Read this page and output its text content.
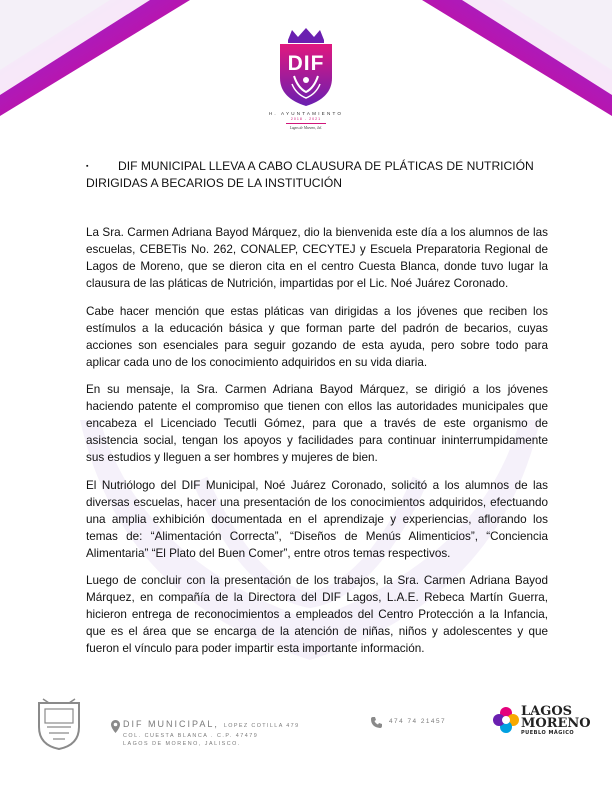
DIF
H. AYUNTAMIENTO
2018 - 2021
Lagos de Moreno, Jal.
▪	DIF MUNICIPAL LLEVA A CABO CLAUSURA DE PLÁTICAS DE NUTRICIÓN DIRIGIDAS A BECARIOS DE LA INSTITUCIÓN

La Sra. Carmen Adriana Bayod Márquez, dio la bienvenida este día a los alumnos de las escuelas, CEBETis No. 262, CONALEP, CECYTEJ y Escuela Preparatoria Regional de Lagos de Moreno, que se dieron cita en el centro Cuesta Blanca, donde tuvo lugar la clausura de las pláticas de Nutrición, impartidas por el Lic. Noé Juárez Coronado.

Cabe hacer mención que estas pláticas van dirigidas a los jóvenes que reciben los estímulos a la educación básica y que forman parte del padrón de becarios, cuyas acciones son esenciales para seguir gozando de esta ayuda, pero sobre todo para aplicar cada uno de los conocimiento adquiridos en su vida diaria.

En su mensaje, la Sra. Carmen Adriana Bayod Márquez, se dirigió a los jóvenes haciendo patente el compromiso que tienen con ellos las autoridades municipales que encabeza el Licenciado Tecutli Gómez, para que a través de este organismo de asistencia social, tengan los apoyos y facilidades para continuar ininterrumpidamente sus estudios y lleguen a ser hombres y mujeres de bien.

El Nutriólogo del DIF Municipal, Noé Juárez Coronado, solicitó a los alumnos de las diversas escuelas, hacer una presentación de los conocimientos adquiridos, efectuando una amplia exhibición documentada en el aprendizaje y experiencias, aflorando los temas de: “Alimentación Correcta”, “Diseños de Menús Alimenticios”, “Conciencia Alimentaria” “El Plato del Buen Comer”, entre otros temas respectivos.

Luego de concluir con la presentación de los trabajos, la Sra. Carmen Adriana Bayod Márquez, en compañía de la Directora del DIF Lagos, L.A.E. Rebeca Martín Guerra, hicieron entrega de reconocimientos a empleados del Centro Protección a la Infancia, que es el área que se encarga de la atención de niñas, niños y adolescentes y que fueron el vínculo para poder impartir esta importante información.

DIF MUNICIPAL, LOPEZ COTILLA 479
COL. CUESTA BLANCA . C.P. 47479
LAGOS DE MORENO, JALISCO.
474 74 21457
LAGOS
MORENO
PUEBLO MÁGICO
